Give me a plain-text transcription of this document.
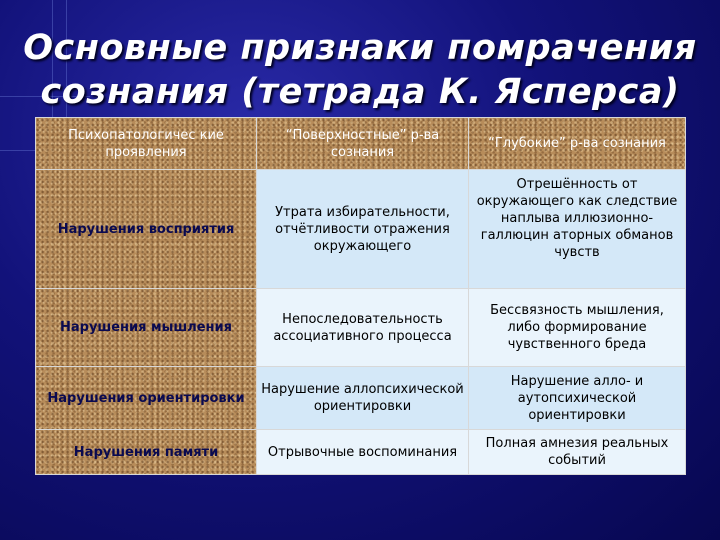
Основные признаки помрачения
сознания (тетрада К. Ясперса)
Психопатологичес кие проявления	“Поверхностные” р-ва сознания	“Глубокие” р-ва сознания
Нарушения восприятия	Утрата избирательности, отчётливости отражения окружающего	Отрешённость от окружающего как следствие наплыва иллюзионно-галлюцин аторных обманов чувств
Нарушения мышления	Непоследовательность ассоциативного процесса	Бессвязность мышления, либо формирование чувственного бреда
Нарушения ориентировки	Нарушение аллопсихической ориентировки	Нарушение алло- и аутопсихической ориентировки
Нарушения памяти	Отрывочные воспоминания	Полная амнезия реальных событий
